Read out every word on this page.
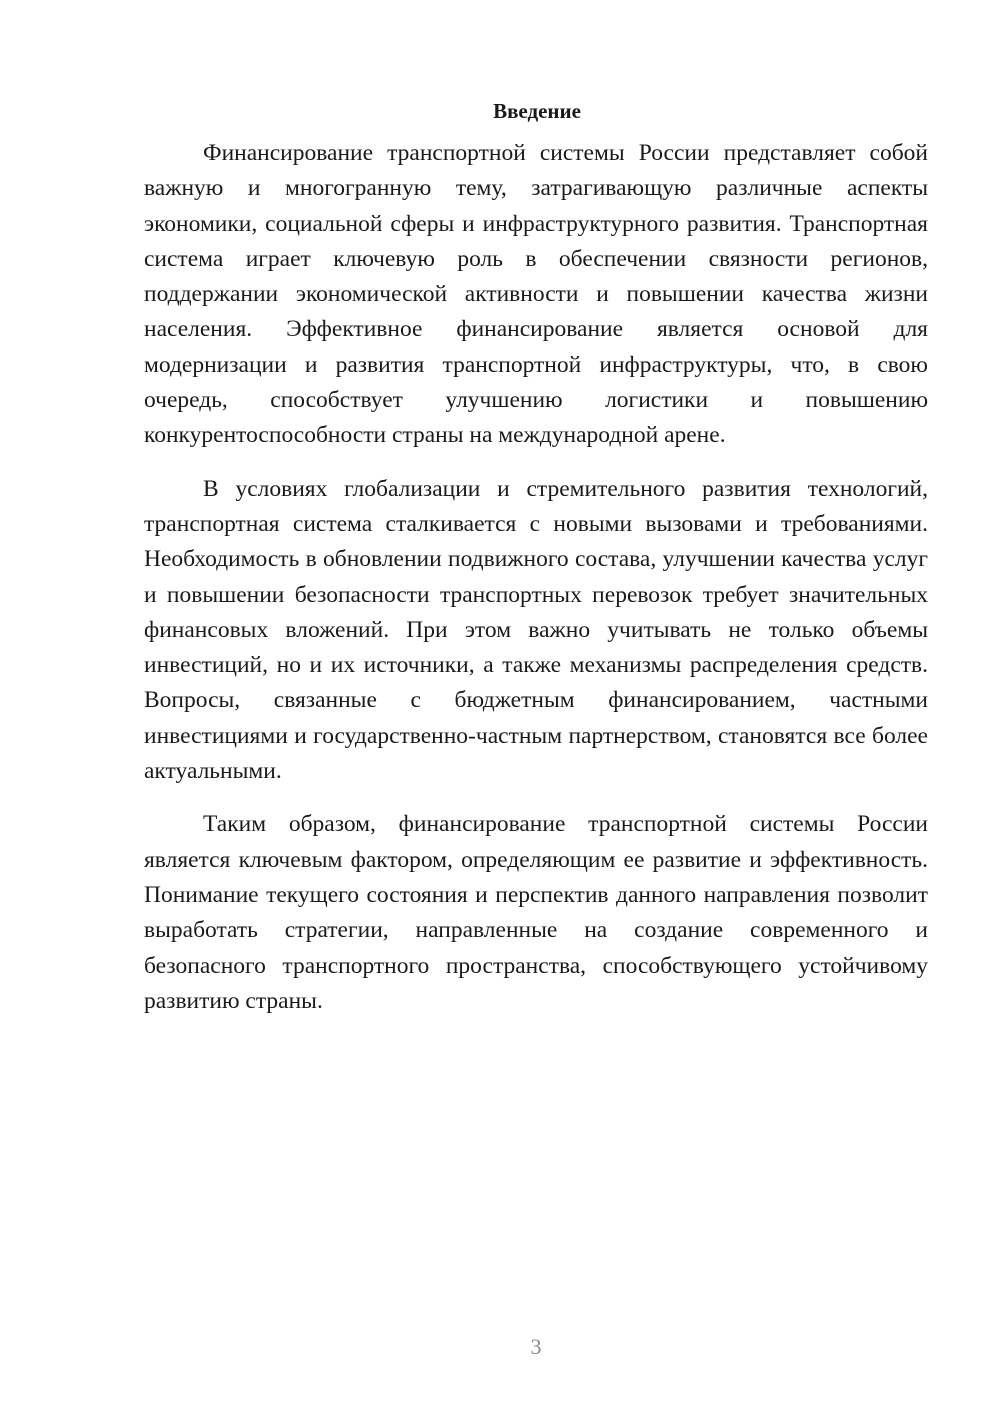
Введение

Финансирование транспортной системы России представляет собой важную и многогранную тему, затрагивающую различные аспекты экономики, социальной сферы и инфраструктурного развития. Транспортная система играет ключевую роль в обеспечении связности регионов, поддержании экономической активности и повышении качества жизни населения. Эффективное финансирование является основой для модернизации и развития транспортной инфраструктуры, что, в свою очередь, способствует улучшению логистики и повышению конкурентоспособности страны на международной арене.

В условиях глобализации и стремительного развития технологий, транспортная система сталкивается с новыми вызовами и требованиями. Необходимость в обновлении подвижного состава, улучшении качества услуг и повышении безопасности транспортных перевозок требует значительных финансовых вложений. При этом важно учитывать не только объемы инвестиций, но и их источники, а также механизмы распределения средств. Вопросы, связанные с бюджетным финансированием, частными инвестициями и государственно-частным партнерством, становятся все более актуальными.

Таким образом, финансирование транспортной системы России является ключевым фактором, определяющим ее развитие и эффективность. Понимание текущего состояния и перспектив данного направления позволит выработать стратегии, направленные на создание современного и безопасного транспортного пространства, способствующего устойчивому развитию страны.

3
